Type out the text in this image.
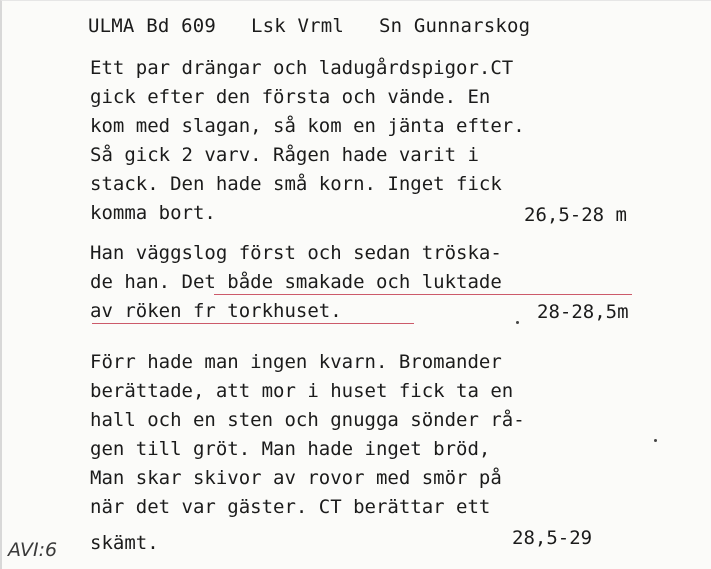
ULMA Bd 609   Lsk Vrml   Sn Gunnarskog
Ett par drängar och ladugårdspigor.CT
gick efter den första och vände. En
kom med slagan, så kom en jänta efter.
Så gick 2 varv. Rågen hade varit i
stack. Den hade små korn. Inget fick
komma bort.	26,5-28 m
Han väggslog först och sedan tröska-
de han. Det både smakade och luktade
av röken fr torkhuset.	28-28,5m
Förr hade man ingen kvarn. Bromander
berättade, att mor i huset fick ta en
hall och en sten och gnugga sönder rå-
gen till gröt. Man hade inget bröd,
Man skar skivor av rovor med smör på
när det var gäster. CT berättar ett
skämt.	28,5-29
AVI:6
